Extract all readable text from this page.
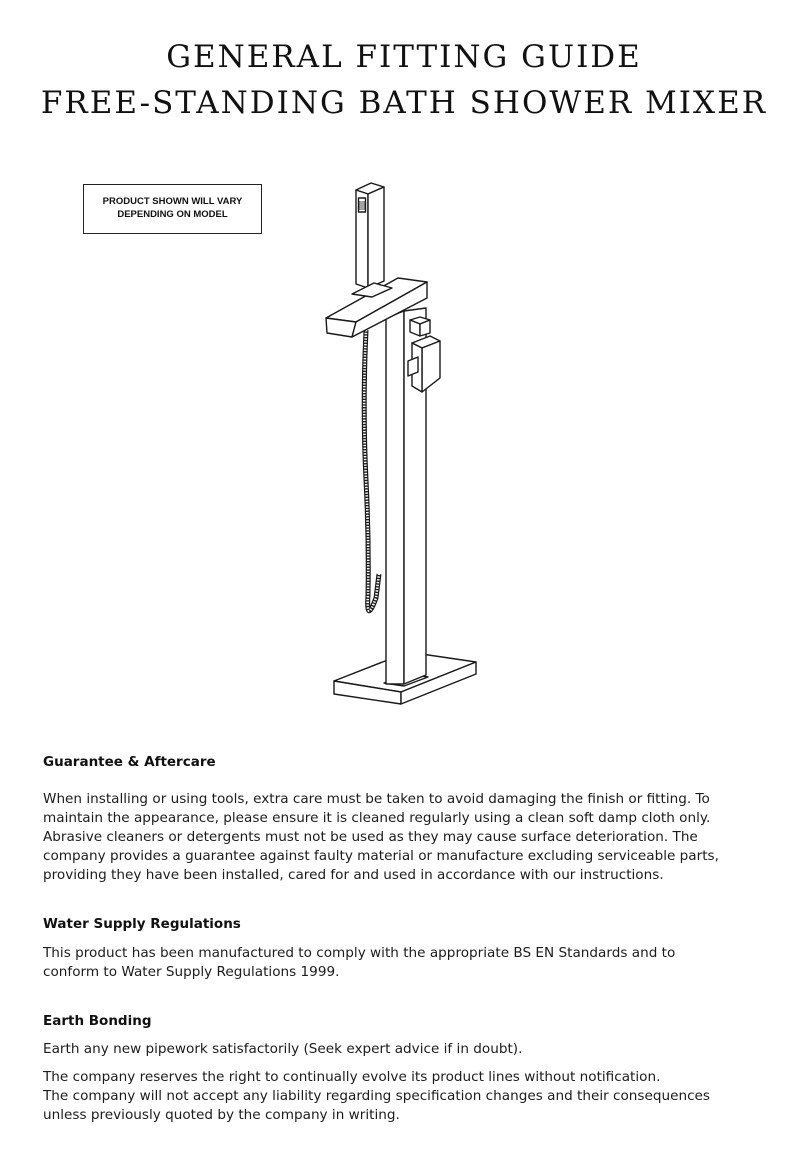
GENERAL FITTING GUIDE
FREE-STANDING BATH SHOWER MIXER
PRODUCT SHOWN WILL VARY
DEPENDING ON MODEL
Guarantee & Aftercare

When installing or using tools, extra care must be taken to avoid damaging the finish or fitting. To
maintain the appearance, please ensure it is cleaned regularly using a clean soft damp cloth only.
Abrasive cleaners or detergents must not be used as they may cause surface deterioration. The
company provides a guarantee against faulty material or manufacture excluding serviceable parts,
providing they have been installed, cared for and used in accordance with our instructions.

Water Supply Regulations

This product has been manufactured to comply with the appropriate BS EN Standards and to
conform to Water Supply Regulations 1999.

Earth Bonding

Earth any new pipework satisfactorily (Seek expert advice if in doubt).

The company reserves the right to continually evolve its product lines without notification.
The company will not accept any liability regarding specification changes and their consequences
unless previously quoted by the company in writing.
